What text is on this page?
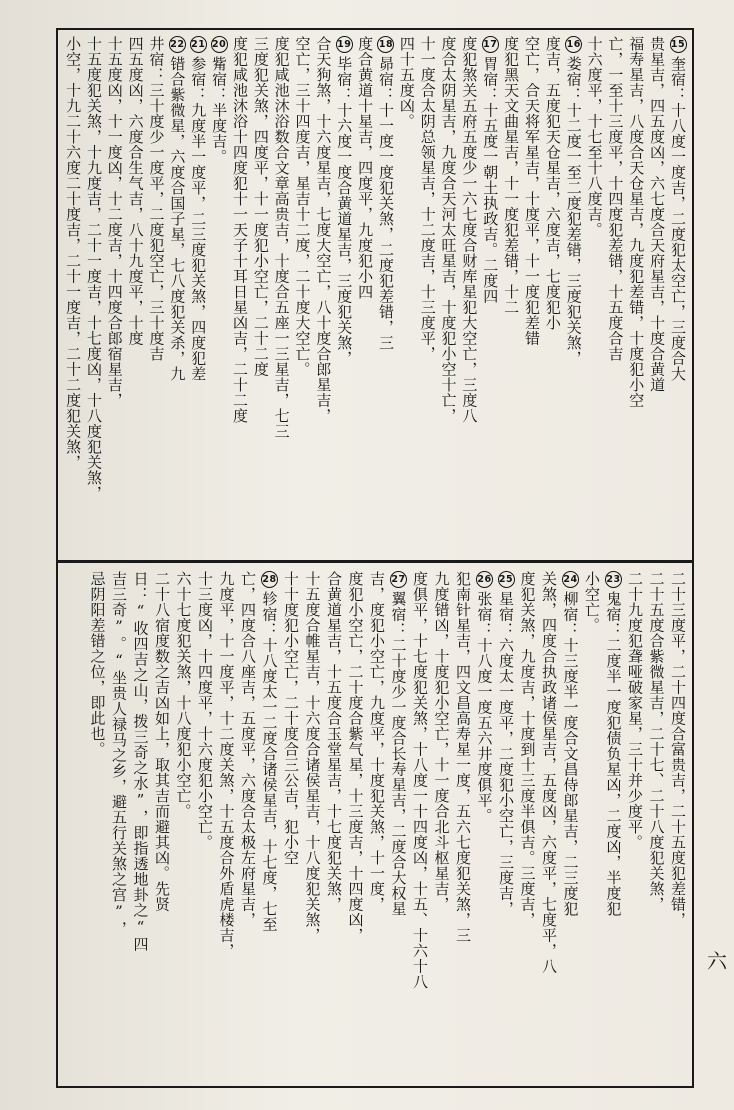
15奎宿：十八度一度吉，二度犯太空亡，三度合大
贵星吉，四五度凶，六七度合天府星吉，十度合黄道
福寿星吉，八度合天仓星吉，九度犯差错，十度犯小空
亡，一至十三度平，十四度犯差错，十五度合吉
十六度平，十七至十八度吉。
16娄宿：十二度一至二度犯差错，三度犯关煞，
度吉，五度犯天仓星吉，六度吉，七度犯小
空亡，合天将军星吉，十度平，十一度犯差错
度犯黑天文曲星吉，十一度犯差错，十二
17胃宿：十五度一朝土执政吉。二度四
度犯煞关五府五度少一六七度合财库星犯大空亡，三度八
度合太阴星吉，九度合天河太旺星吉，十度犯小空十亡，
十一度合太阴总领星吉，十二度吉，十三度平，
四十五度凶。
18昴宿：十一度一度犯关煞，二度犯差错，三
度合黄道十星吉，四度平，九度犯小四
19毕宿：十六度一度合黄道星吉，三度犯关煞，
合天狗煞，十六度星吉，七度大空亡，八十度合郎星吉，
空亡，三十四度吉，星吉十二度，二十度大空亡。
度犯咸池沐浴数合文章高贵吉，十度合五座一三星吉，七三
三度犯关煞，四度平，十一度犯小空亡，二十二度
度犯咸池沐浴十四度犯十一天子十耳日星凶吉，二十二度
20觜宿：半度吉。
21参宿：九度半一度平，二三度犯关煞，四度犯差
22错合紫微星，六度合国子星，七八度犯关杀，九
井宿：三十度少一度平，二度犯空亡，三十度吉
四五度凶，六度合生气吉，八十九度平，十度
十五度凶，十一度凶，十二度吉，十四度合郎宿星吉，
十五度犯关煞，十九度吉，二十一度吉，十七度凶，十八度犯关煞，
小空，十九二十六度二十度吉，二十一度吉，二十二度犯关煞，
二十三度平，二十四度合富贵吉，二十五度犯差错，
二十五度合紫微星吉，二十七、二十八度犯关煞，
二十九度犯聋哑破家星，三十并少度平。
23鬼宿：二度半一度犯债负星凶，二度凶，半度犯
小空亡。
24柳宿：十三度半一度合文昌侍郎星吉，二三度犯
关煞，四度合执政诸侯星吉，五度凶，六度平，七度平，八
度犯关煞，九度吉，十度到十三度半俱吉。三度吉，
25星宿：六度太一度平，二度犯小空亡，三度吉，
26张宿：十八度一度五六井度俱平。
犯南针星吉，四文昌高寿星一度，五六七度犯关煞，三
九度错凶，十度犯小空亡，十一度合北斗枢星吉，
度俱平，十七度犯关煞，十八度一十四度凶，十五、十六十八
27翼宿：二十度少一度合长寿星吉，二度合大权星
吉，度犯小空亡，九度平，十度犯关煞，十一度，
度犯小空亡，二十度合紫气星，十三度吉，十四度凶，
合黄道星吉，十五度合玉堂星吉，十七度犯关煞，
十五度合帷星吉，十六度合诸侯星吉，十八度犯关煞，
十十度犯小空亡，二十度合三公吉，犯小空
28轸宿：十八度太一二度合诸侯星吉，十七度，七至
亡，四度合八座吉，五度平，六度合太极左府星吉，
九度平，十一度平，十二度关煞，十五度合外盾虎楼吉，
十三度凶，十四度平，十六度犯小空亡。
六十七度犯关煞，十八度犯小空亡。
二十八宿度数之吉凶如上，取其吉而避其凶。先贤
日：“收四吉之山，拨三奇之水”，即指透地卦之“四
吉三奇”。“坐贵人禄马之乡，避五行关煞之宫”，
忌阴阳差错之位，即此也。
六
